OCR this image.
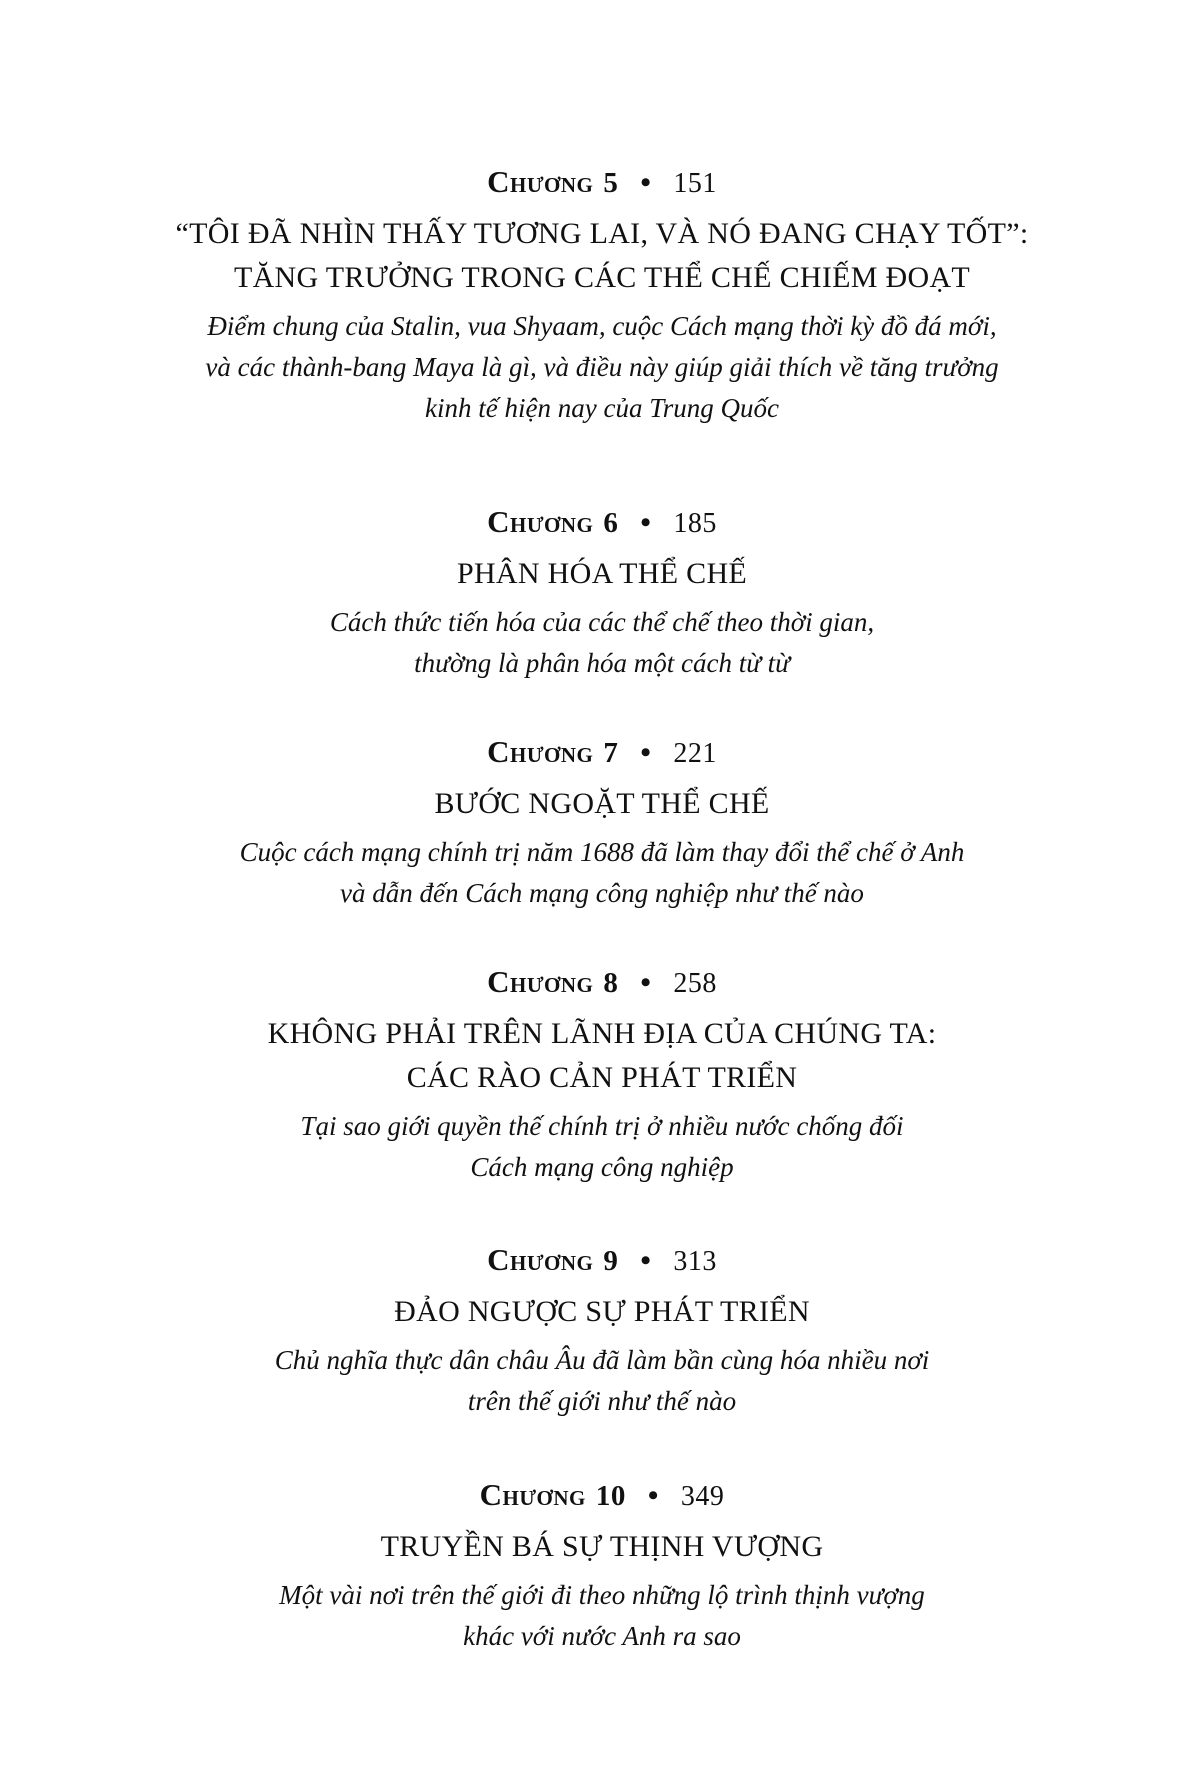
CHƯƠNG 5 • 151
“TÔI ĐÃ NHÌN THẤY TƯƠNG LAI, VÀ NÓ ĐANG CHẠY TỐT”:
TĂNG TRƯỞNG TRONG CÁC THỂ CHẾ CHIẾM ĐOẠT
Điểm chung của Stalin, vua Shyaam, cuộc Cách mạng thời kỳ đồ đá mới,
và các thành-bang Maya là gì, và điều này giúp giải thích về tăng trưởng
kinh tế hiện nay của Trung Quốc
CHƯƠNG 6 • 185
PHÂN HÓA THỂ CHẾ
Cách thức tiến hóa của các thể chế theo thời gian,
thường là phân hóa một cách từ từ
CHƯƠNG 7 • 221
BƯỚC NGOẶT THỂ CHẾ
Cuộc cách mạng chính trị năm 1688 đã làm thay đổi thể chế ở Anh
và dẫn đến Cách mạng công nghiệp như thế nào
CHƯƠNG 8 • 258
KHÔNG PHẢI TRÊN LÃNH ĐỊA CỦA CHÚNG TA:
CÁC RÀO CẢN PHÁT TRIỂN
Tại sao giới quyền thế chính trị ở nhiều nước chống đối
Cách mạng công nghiệp
CHƯƠNG 9 • 313
ĐẢO NGƯỢC SỰ PHÁT TRIỂN
Chủ nghĩa thực dân châu Âu đã làm bần cùng hóa nhiều nơi
trên thế giới như thế nào
CHƯƠNG 10 • 349
TRUYỀN BÁ SỰ THỊNH VƯỢNG
Một vài nơi trên thế giới đi theo những lộ trình thịnh vượng
khác với nước Anh ra sao
